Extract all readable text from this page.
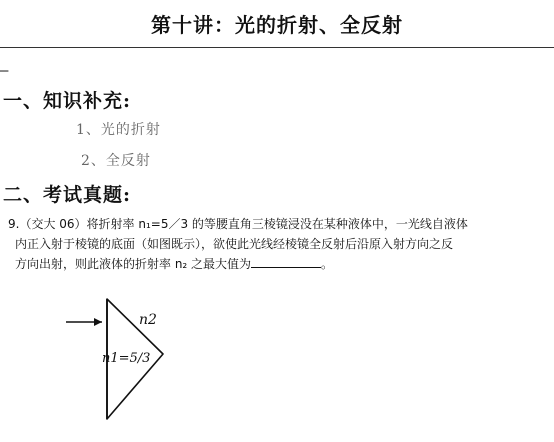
第十讲：光的折射、全反射
—
一、知识补充:
1、光的折射
2、全反射
二、考试真题:
9.（交大 06）将折射率 n₁=5／3 的等腰直角三棱镜浸没在某种液体中，一光线自液体
内正入射于棱镜的底面（如图既示），欲使此光线经棱镜全反射后沿原入射方向之反
方向出射，则此液体的折射率 n₂ 之最大值为	。
n2
n1=5/3
